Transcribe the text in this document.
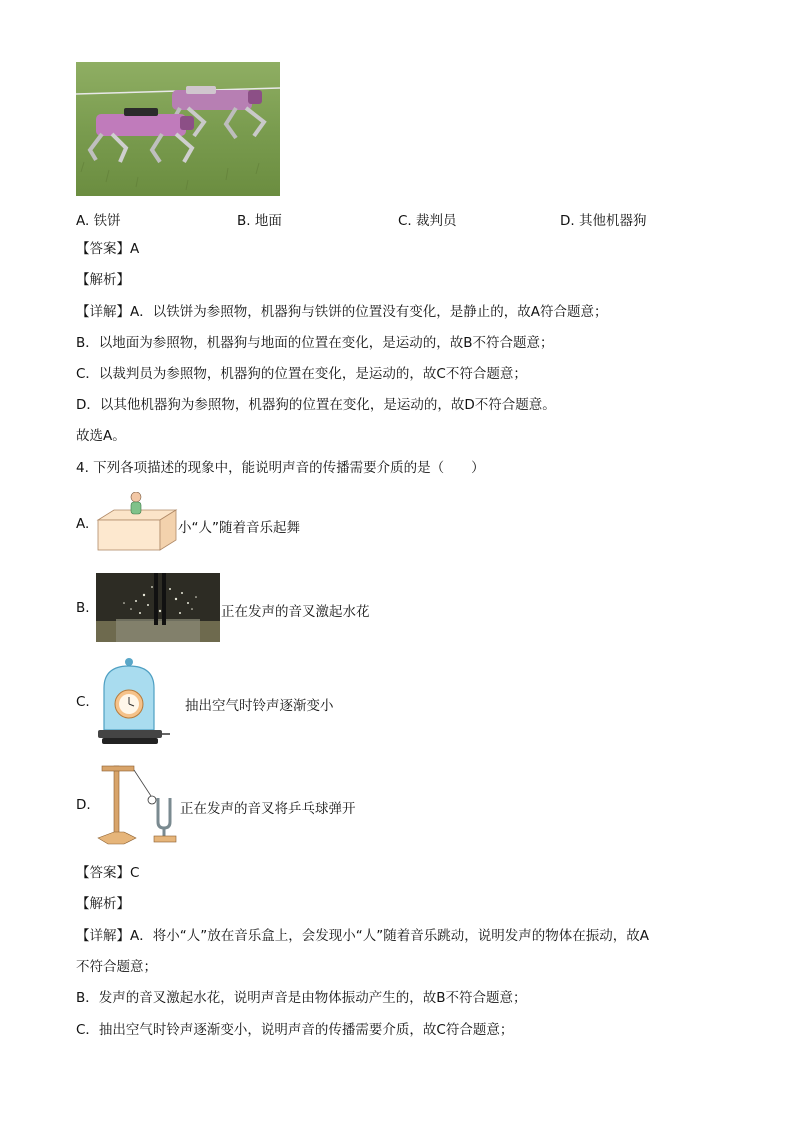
A. 铁饼	B. 地面	C. 裁判员	D. 其他机器狗
【答案】A
【解析】
【详解】A．以铁饼为参照物，机器狗与铁饼的位置没有变化，是静止的，故A符合题意；
B．以地面为参照物，机器狗与地面的位置在变化，是运动的，故B不符合题意；
C．以裁判员为参照物，机器狗的位置在变化，是运动的，故C不符合题意；
D．以其他机器狗为参照物，机器狗的位置在变化，是运动的，故D不符合题意。
故选A。
4. 下列各项描述的现象中，能说明声音的传播需要介质的是（　　）
A.	小“人”随着音乐起舞
B.	正在发声的音叉激起水花
C.	抽出空气时铃声逐渐变小
D.	正在发声的音叉将乒乓球弹开
【答案】C
【解析】
【详解】A．将小“人”放在音乐盒上，会发现小“人”随着音乐跳动，说明发声的物体在振动，故A
不符合题意；
B．发声的音叉激起水花，说明声音是由物体振动产生的，故B不符合题意；
C．抽出空气时铃声逐渐变小，说明声音的传播需要介质，故C符合题意；
